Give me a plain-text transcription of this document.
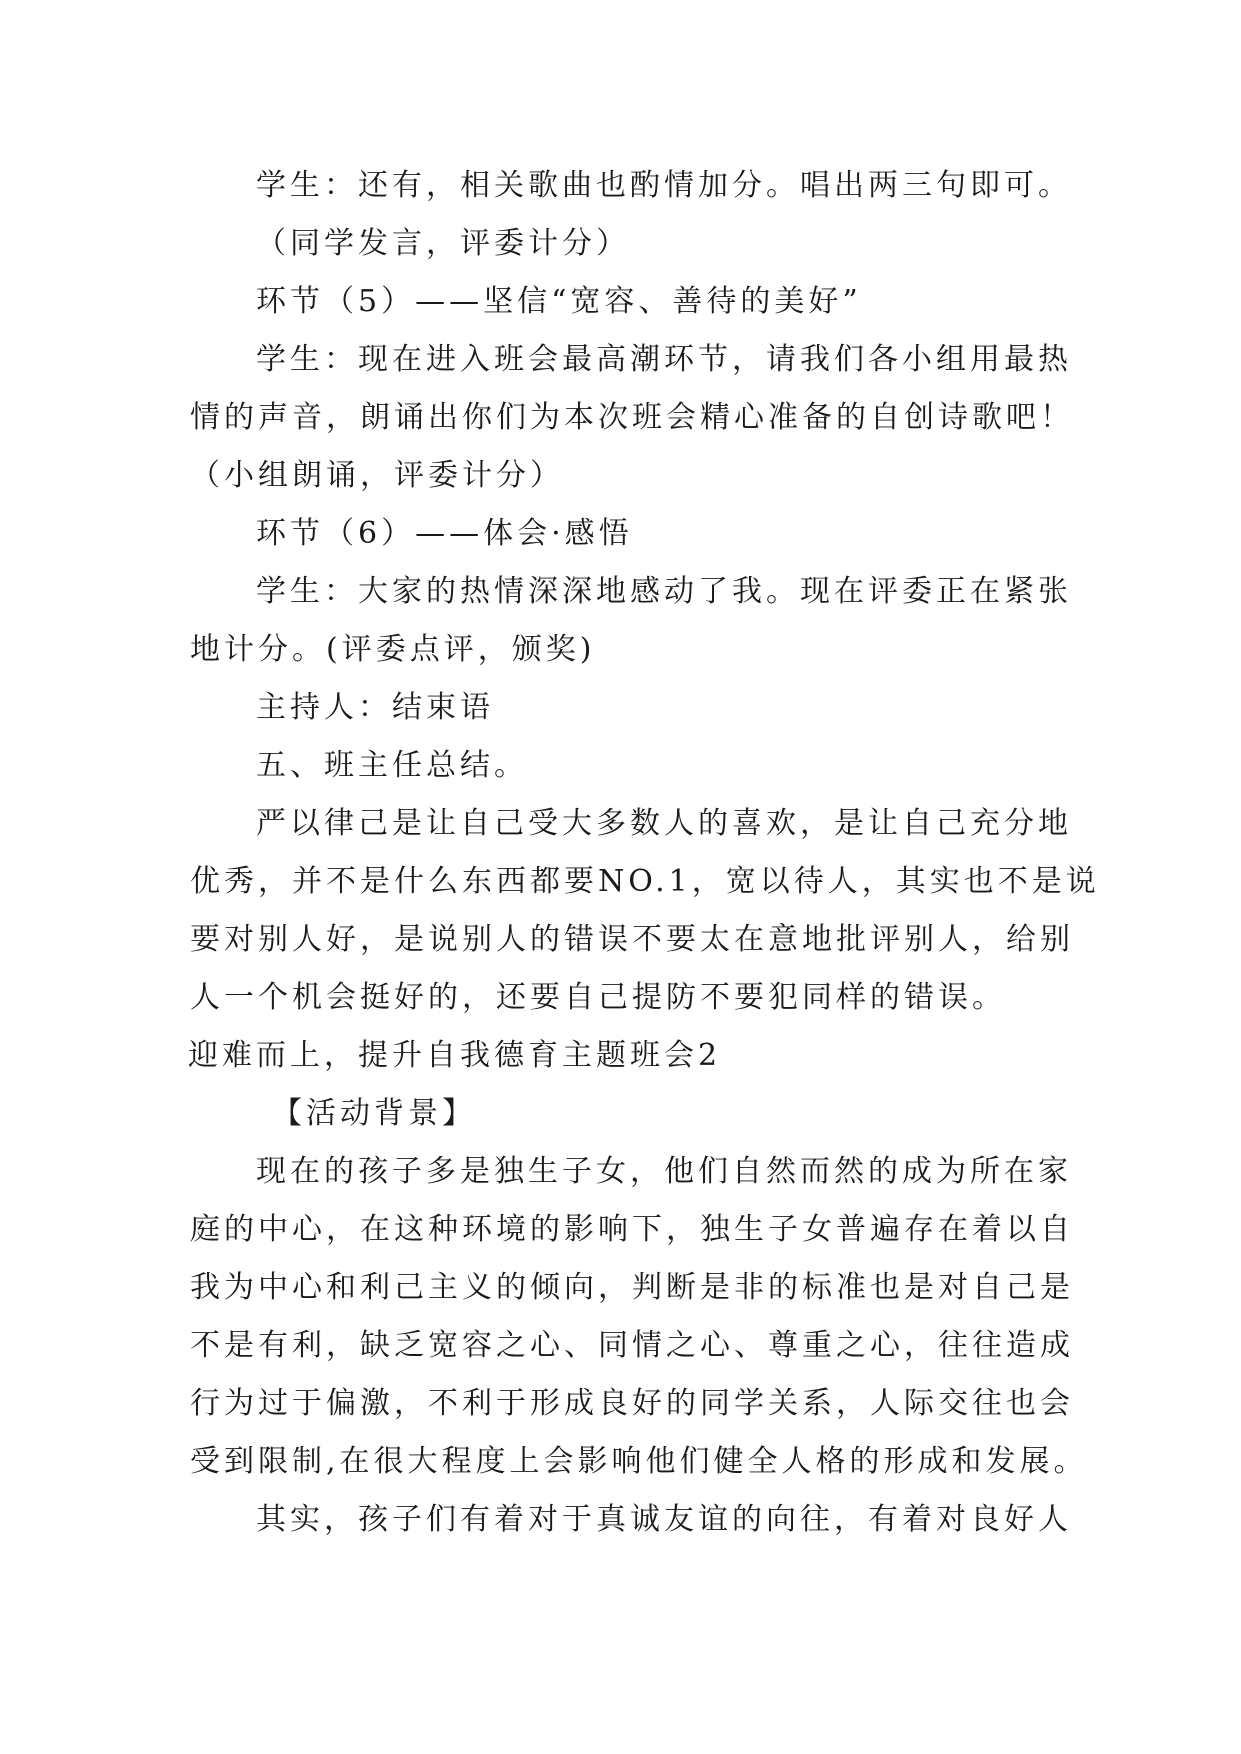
学生：还有，相关歌曲也酌情加分。唱出两三句即可。
（同学发言，评委计分）
环节（5）——坚信“宽容、善待的美好”
学生：现在进入班会最高潮环节，请我们各小组用最热
情的声音，朗诵出你们为本次班会精心准备的自创诗歌吧！
（小组朗诵，评委计分）
环节（6）——体会·感悟
学生：大家的热情深深地感动了我。现在评委正在紧张
地计分。(评委点评，颁奖)
主持人：结束语
五、班主任总结。
严以律己是让自己受大多数人的喜欢，是让自己充分地
优秀，并不是什么东西都要NO.1，宽以待人，其实也不是说
要对别人好，是说别人的错误不要太在意地批评别人，给别
人一个机会挺好的，还要自己提防不要犯同样的错误。
迎难而上，提升自我德育主题班会2
【活动背景】
现在的孩子多是独生子女，他们自然而然的成为所在家
庭的中心，在这种环境的影响下，独生子女普遍存在着以自
我为中心和利己主义的倾向，判断是非的标准也是对自己是
不是有利，缺乏宽容之心、同情之心、尊重之心，往往造成
行为过于偏激，不利于形成良好的同学关系，人际交往也会
受到限制,在很大程度上会影响他们健全人格的形成和发展。
其实，孩子们有着对于真诚友谊的向往，有着对良好人
